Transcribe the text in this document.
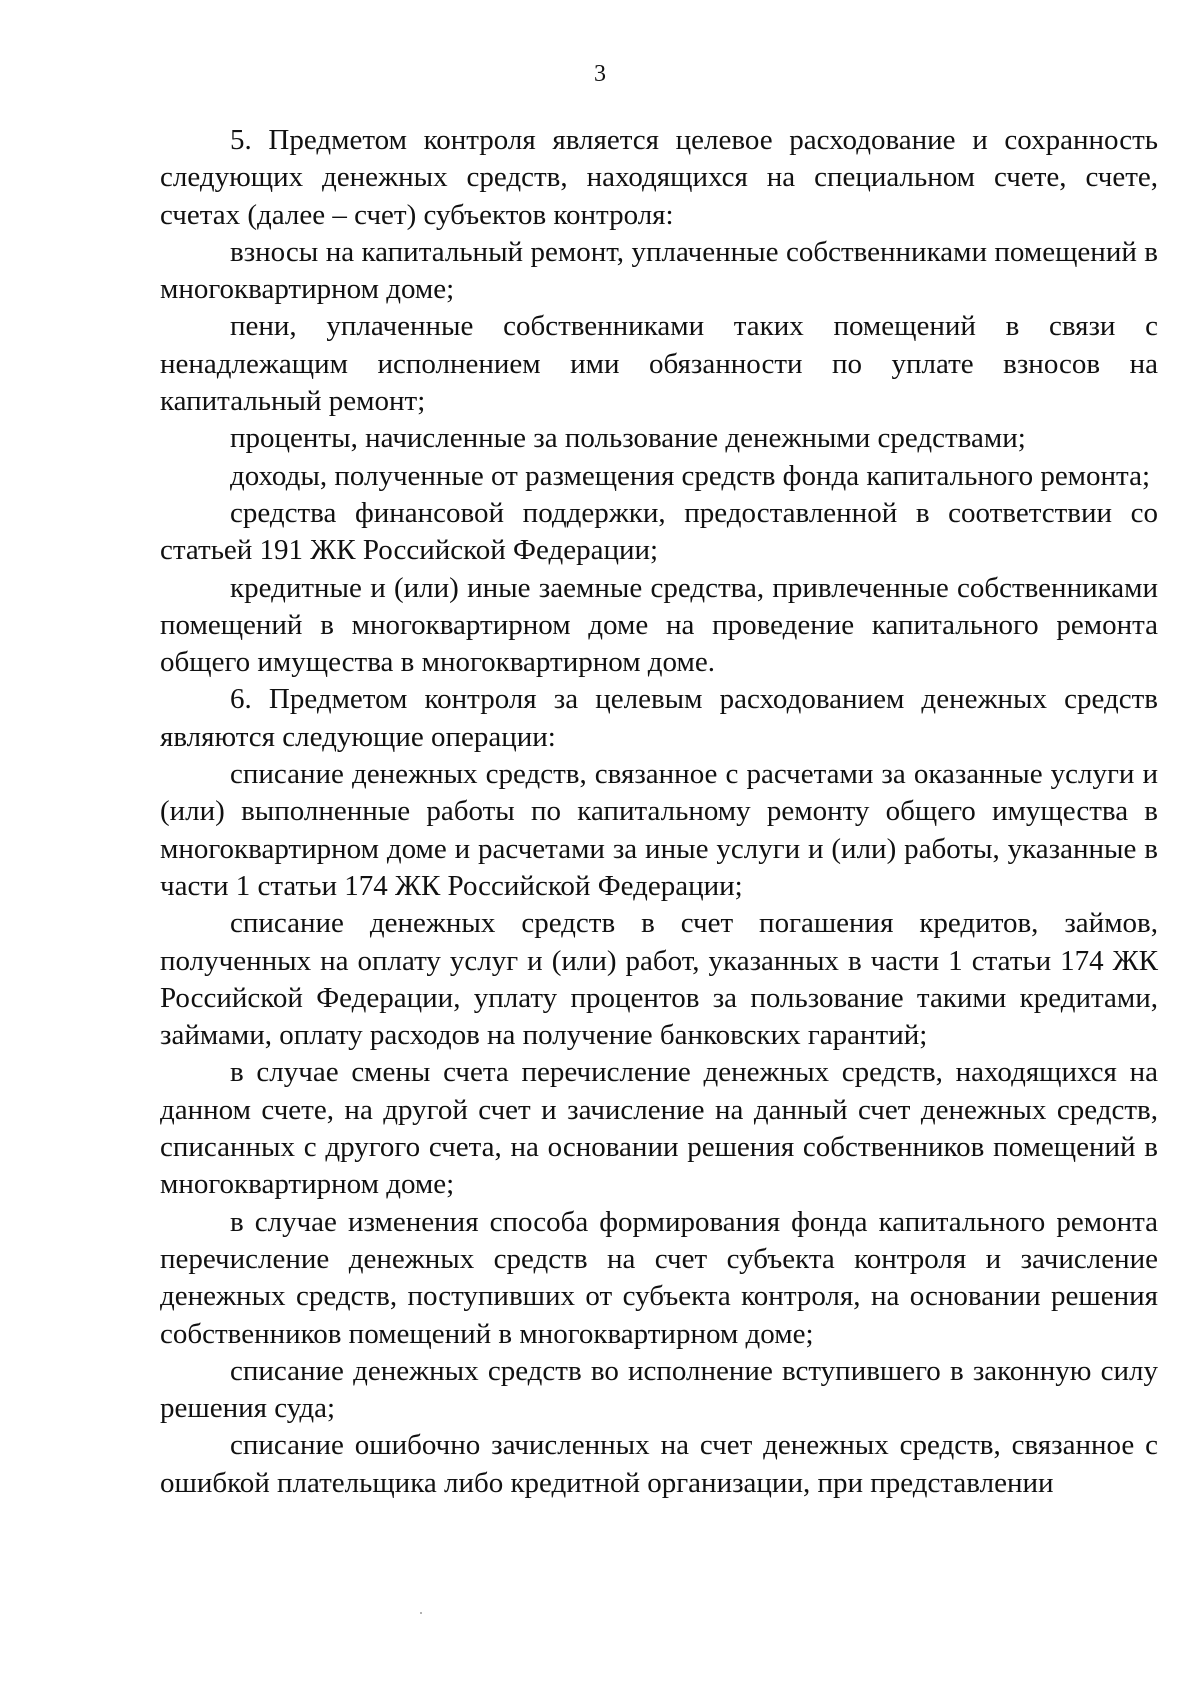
3

5. Предметом контроля является целевое расходование и сохранность следующих денежных средств, находящихся на специальном счете, счете, счетах (далее – счет) субъектов контроля:

взносы на капитальный ремонт, уплаченные собственниками помещений в многоквартирном доме;

пени, уплаченные собственниками таких помещений в связи с ненадлежащим исполнением ими обязанности по уплате взносов на капитальный ремонт;

проценты, начисленные за пользование денежными средствами;

доходы, полученные от размещения средств фонда капитального ремонта;

средства финансовой поддержки, предоставленной в соответствии со статьей 191 ЖК Российской Федерации;

кредитные и (или) иные заемные средства, привлеченные собственниками помещений в многоквартирном доме на проведение капитального ремонта общего имущества в многоквартирном доме.

6. Предметом контроля за целевым расходованием денежных средств являются следующие операции:

списание денежных средств, связанное с расчетами за оказанные услуги и (или) выполненные работы по капитальному ремонту общего имущества в многоквартирном доме и расчетами за иные услуги и (или) работы, указанные в части 1 статьи 174 ЖК Российской Федерации;

списание денежных средств в счет погашения кредитов, займов, полученных на оплату услуг и (или) работ, указанных в части 1 статьи 174 ЖК Российской Федерации, уплату процентов за пользование такими кредитами, займами, оплату расходов на получение банковских гарантий;

в случае смены счета перечисление денежных средств, находящихся на данном счете, на другой счет и зачисление на данный счет денежных средств, списанных с другого счета, на основании решения собственников помещений в многоквартирном доме;

в случае изменения способа формирования фонда капитального ремонта перечисление денежных средств на счет субъекта контроля и зачисление денежных средств, поступивших от субъекта контроля, на основании решения собственников помещений в многоквартирном доме;

списание денежных средств во исполнение вступившего в законную силу решения суда;

списание ошибочно зачисленных на счет денежных средств, связанное с ошибкой плательщика либо кредитной организации, при представлении
